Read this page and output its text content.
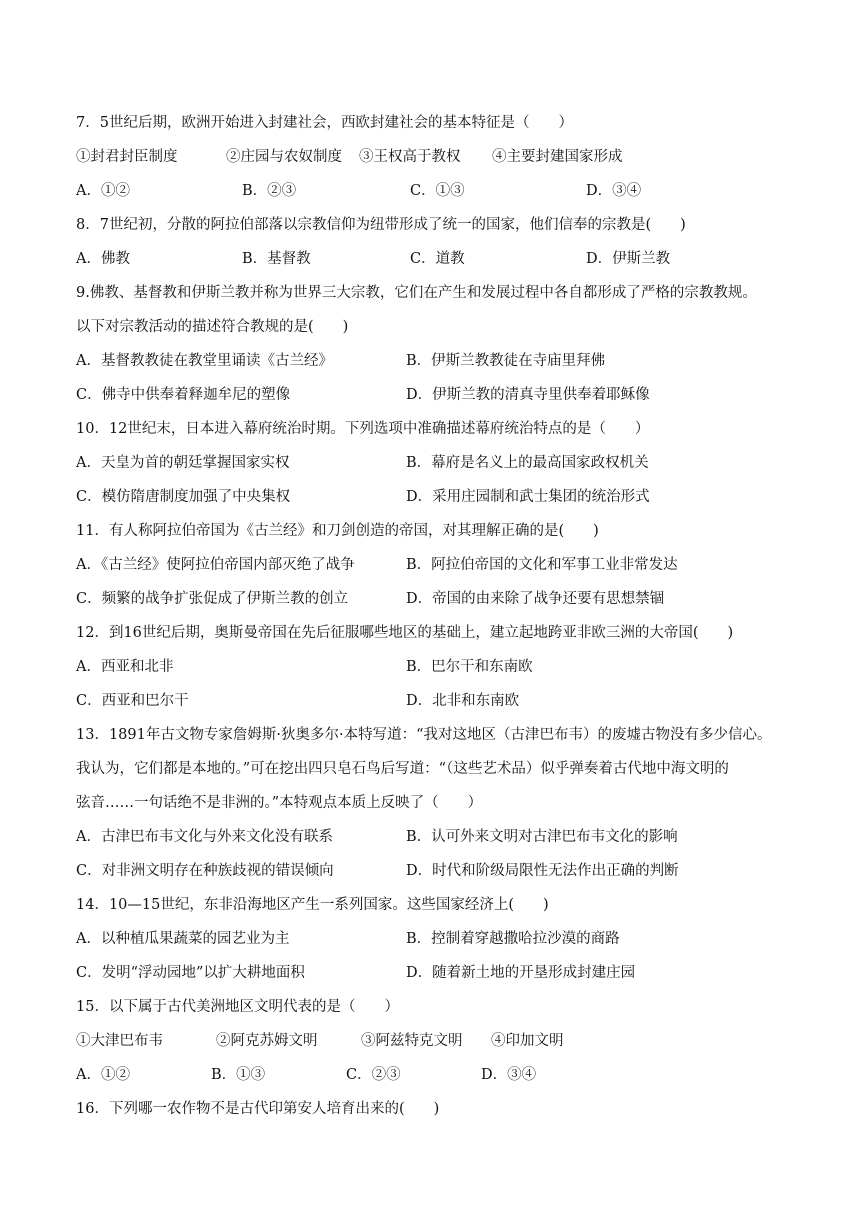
7．5世纪后期，欧洲开始进入封建社会，西欧封建社会的基本特征是（　　）
①封君封臣制度	②庄园与农奴制度	③王权高于教权	④主要封建国家形成
A．①②	B．②③	C．①③	D．③④
8．7世纪初，分散的阿拉伯部落以宗教信仰为纽带形成了统一的国家，他们信奉的宗教是(　　)
A．佛教	B．基督教	C．道教	D．伊斯兰教
9.佛教、基督教和伊斯兰教并称为世界三大宗教，它们在产生和发展过程中各自都形成了严格的宗教教规。
以下对宗教活动的描述符合教规的是(　　)
A．基督教教徒在教堂里诵读《古兰经》	B．伊斯兰教教徒在寺庙里拜佛
C．佛寺中供奉着释迦牟尼的塑像	D．伊斯兰教的清真寺里供奉着耶稣像
10．12世纪末，日本进入幕府统治时期。下列选项中准确描述幕府统治特点的是（　　）
A．天皇为首的朝廷掌握国家实权	B．幕府是名义上的最高国家政权机关
C．模仿隋唐制度加强了中央集权	D．采用庄园制和武士集团的统治形式
11．有人称阿拉伯帝国为《古兰经》和刀剑创造的帝国，对其理解正确的是(　　)
A．《古兰经》使阿拉伯帝国内部灭绝了战争	B．阿拉伯帝国的文化和军事工业非常发达
C．频繁的战争扩张促成了伊斯兰教的创立	D．帝国的由来除了战争还要有思想禁锢
12．到16世纪后期，奥斯曼帝国在先后征服哪些地区的基础上，建立起地跨亚非欧三洲的大帝国(　　)
A．西亚和北非	B．巴尔干和东南欧
C．西亚和巴尔干	D．北非和东南欧
13．1891年古文物专家詹姆斯·狄奥多尔·本特写道：“我对这地区（古津巴布韦）的废墟古物没有多少信心。
我认为，它们都是本地的。”可在挖出四只皂石鸟后写道：“（这些艺术品）似乎弹奏着古代地中海文明的
弦音……一句话绝不是非洲的。”本特观点本质上反映了（　　）
A．古津巴布韦文化与外来文化没有联系	B．认可外来文明对古津巴布韦文化的影响
C．对非洲文明存在种族歧视的错误倾向	D．时代和阶级局限性无法作出正确的判断
14．10—15世纪，东非沿海地区产生一系列国家。这些国家经济上(　　)
A．以种植瓜果蔬菜的园艺业为主	B．控制着穿越撒哈拉沙漠的商路
C．发明“浮动园地”以扩大耕地面积	D．随着新土地的开垦形成封建庄园
15．以下属于古代美洲地区文明代表的是（　　）
①大津巴布韦	②阿克苏姆文明	③阿兹特克文明	④印加文明
A．①②	B．①③	C．②③	D．③④
16．下列哪一农作物不是古代印第安人培育出来的(　　)
